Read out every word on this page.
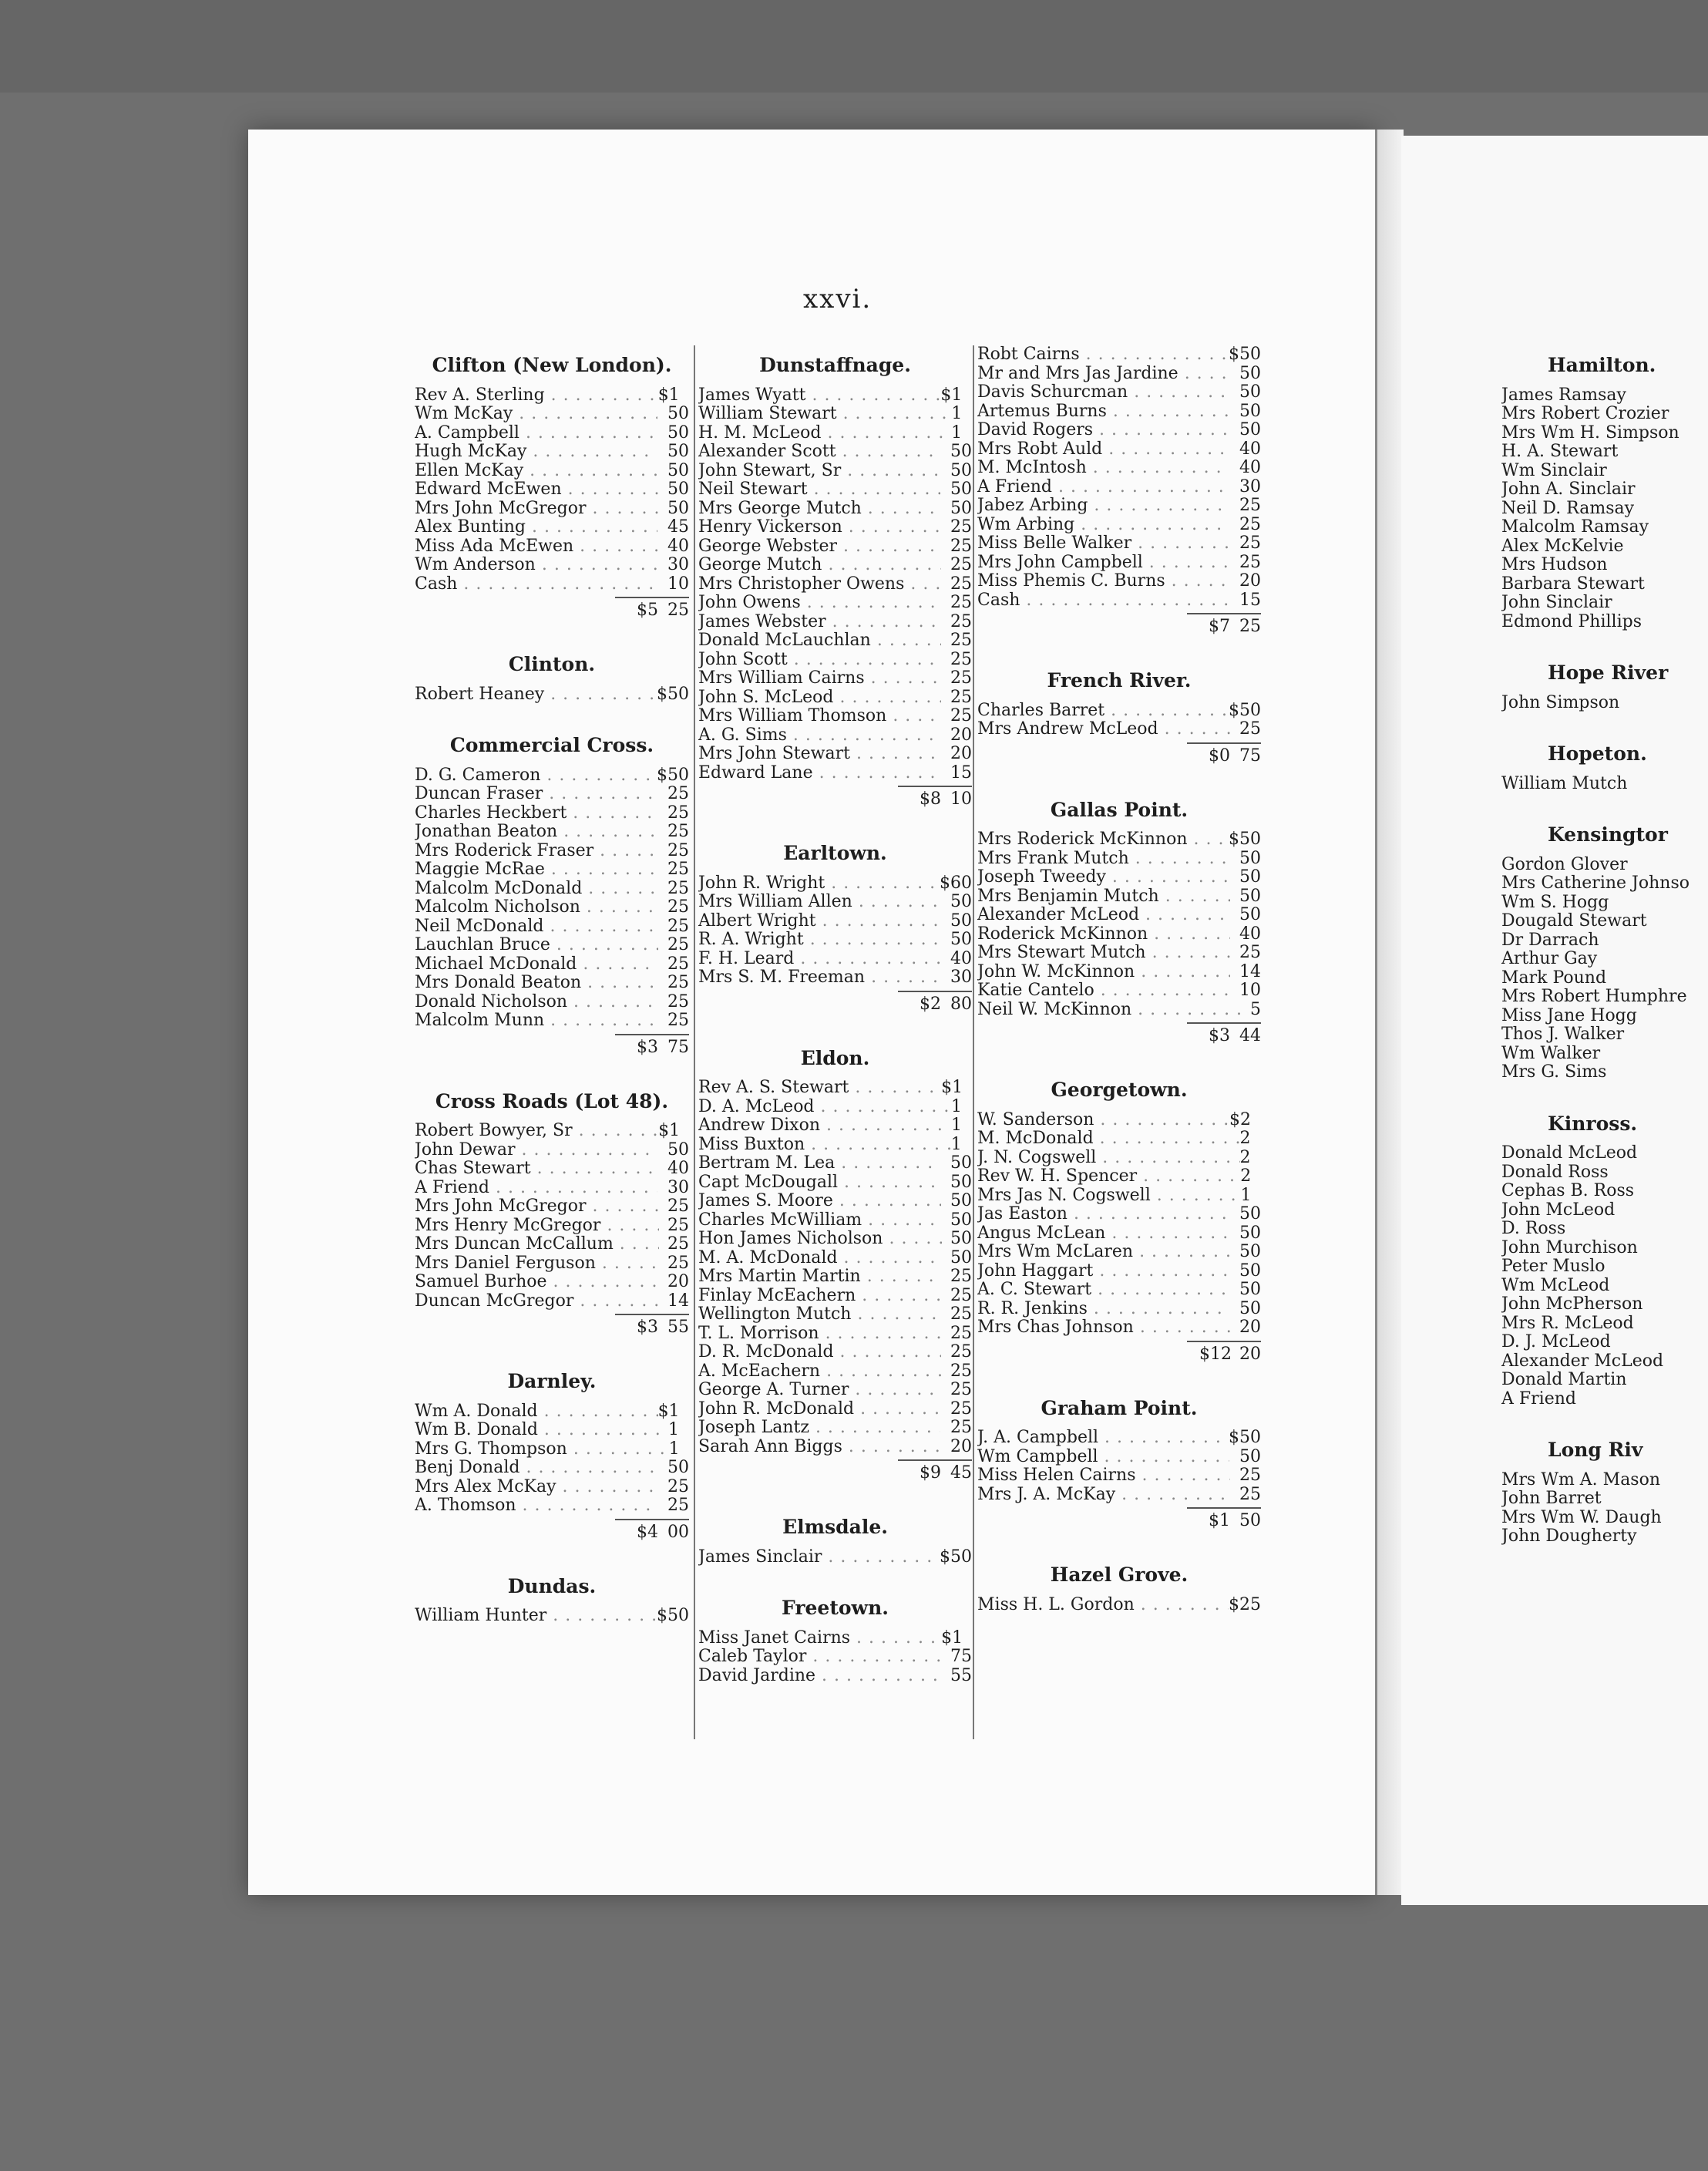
xxvi.
Clifton (New London).
Rev A. Sterling . . .	$1
Wm McKay . . .	50
A. Campbell . . .	50
Hugh McKay . . .	50
Ellen McKay . . .	50
Edward McEwen . . .	50
Mrs John McGregor . . .	50
Alex Bunting . . .	45
Miss Ada McEwen . . .	40
Wm Anderson . . .	30
Cash . . .	10
$5 25
Clinton.
Robert Heaney . . .	$ 50
Commercial Cross.
D. G. Cameron . . .	$ 50
Duncan Fraser . . .	25
Charles Heckbert . . .	25
Jonathan Beaton . . .	25
Mrs Roderick Fraser . . .	25
Maggie McRae . . .	25
Malcolm McDonald . . .	25
Malcolm Nicholson . . .	25
Neil McDonald . . .	25
Lauchlan Bruce . . .	25
Michael McDonald . . .	25
Mrs Donald Beaton . . .	25
Donald Nicholson . . .	25
Malcolm Munn . . .	25
$3 75
Cross Roads (Lot 48).
Robert Bowyer, Sr . . .	$1
John Dewar . . .	50
Chas Stewart . . .	40
A Friend . . .	30
Mrs John McGregor . . .	25
Mrs Henry McGregor . . .	25
Mrs Duncan McCallum . . .	25
Mrs Daniel Ferguson . . .	25
Samuel Burhoe . . .	20
Duncan McGregor . . .	14
$3 55
Darnley.
Wm A. Donald . . .	$1
Wm B. Donald . . .	1
Mrs G. Thompson . . .	1
Benj Donald . . .	50
Mrs Alex McKay . . .	25
A. Thomson . . .	25
$4 00
Dundas.
William Hunter . . .	$ 50
Dunstaffnage.
James Wyatt . . .	$1
William Stewart . . .	1
H. M. McLeod . . .	1
Alexander Scott . . .	50
John Stewart, Sr . . .	50
Neil Stewart . . .	50
Mrs George Mutch . . .	50
Henry Vickerson . . .	25
George Webster . . .	25
George Mutch . . .	25
Mrs Christopher Owens . . .	25
John Owens . . .	25
James Webster . . .	25
Donald McLauchlan . . .	25
John Scott . . .	25
Mrs William Cairns . . .	25
John S. McLeod . . .	25
Mrs William Thomson . . .	25
A. G. Sims . . .	20
Mrs John Stewart . . .	20
Edward Lane . . .	15
$8 10
Earltown.
John R. Wright . . .	$ 60
Mrs William Allen . . .	50
Albert Wright . . .	50
R. A. Wright . . .	50
F. H. Leard . . .	40
Mrs S. M. Freeman . . .	30
$2 80
Eldon.
Rev A. S. Stewart . . .	$1
D. A. McLeod . . .	1
Andrew Dixon . . .	1
Miss Buxton . . .	1
Bertram M. Lea . . .	50
Capt McDougall . . .	50
James S. Moore . . .	50
Charles McWilliam . . .	50
Hon James Nicholson . . .	50
M. A. McDonald . . .	50
Mrs Martin Martin . . .	25
Finlay McEachern . . .	25
Wellington Mutch . . .	25
T. L. Morrison . . .	25
D. R. McDonald . . .	25
A. McEachern . . .	25
George A. Turner . . .	25
John R. McDonald . . .	25
Joseph Lantz . . .	25
Sarah Ann Biggs . . .	20
$9 45
Elmsdale.
James Sinclair . . .	$ 50
Freetown.
Miss Janet Cairns . . .	$1
Caleb Taylor . . .	75
David Jardine . . .	55
Robt Cairns . . .	$ 50
Mr and Mrs Jas Jardine . . .	50
Davis Schurcman . . .	50
Artemus Burns . . .	50
David Rogers . . .	50
Mrs Robt Auld . . .	40
M. McIntosh . . .	40
A Friend . . .	30
Jabez Arbing . . .	25
Wm Arbing . . .	25
Miss Belle Walker . . .	25
Mrs John Campbell . . .	25
Miss Phemis C. Burns . . .	20
Cash . . .	15
$7 25
French River.
Charles Barret . . .	$ 50
Mrs Andrew McLeod . . .	25
$0 75
Gallas Point.
Mrs Roderick McKinnon . . .	$ 50
Mrs Frank Mutch . . .	50
Joseph Tweedy . . .	50
Mrs Benjamin Mutch . . .	50
Alexander McLeod . . .	50
Roderick McKinnon . . .	40
Mrs Stewart Mutch . . .	25
John W. McKinnon . . .	14
Katie Cantelo . . .	10
Neil W. McKinnon . . .	5
$3 44
Georgetown.
W. Sanderson . . .	$2
M. McDonald . . .	2
J. N. Cogswell . . .	2
Rev W. H. Spencer . . .	2
Mrs Jas N. Cogswell . . .	1
Jas Easton . . .	50
Angus McLean . . .	50
Mrs Wm McLaren . . .	50
John Haggart . . .	50
A. C. Stewart . . .	50
R. R. Jenkins . . .	50
Mrs Chas Johnson . . .	20
$12 20
Graham Point.
J. A. Campbell . . .	$ 50
Wm Campbell . . .	50
Miss Helen Cairns . . .	25
Mrs J. A. McKay . . .	25
$1 50
Hazel Grove.
Miss H. L. Gordon . . .	$ 25
Hamilton.
James Ramsay
Mrs Robert Crozier
Mrs Wm H. Simpson
H. A. Stewart
Wm Sinclair
John A. Sinclair
Neil D. Ramsay
Malcolm Ramsay
Alex McKelvie
Mrs Hudson
Barbara Stewart
John Sinclair
Edmond Phillips
Hope River
John Simpson
Hopeton.
William Mutch
Kensingtor
Gordon Glover
Mrs Catherine Johnso
Wm S. Hogg
Dougald Stewart
Dr Darrach
Arthur Gay
Mark Pound
Mrs Robert Humphre
Miss Jane Hogg
Thos J. Walker
Wm Walker
Mrs G. Sims
Kinross.
Donald McLeod
Donald Ross
Cephas B. Ross
John McLeod
D. Ross
John Murchison
Peter Muslo
Wm McLeod
John McPherson
Mrs R. McLeod
D. J. McLeod
Alexander McLeod
Donald Martin
A Friend
Long Riv
Mrs Wm A. Mason
John Barret
Mrs Wm W. Daugh
John Dougherty
